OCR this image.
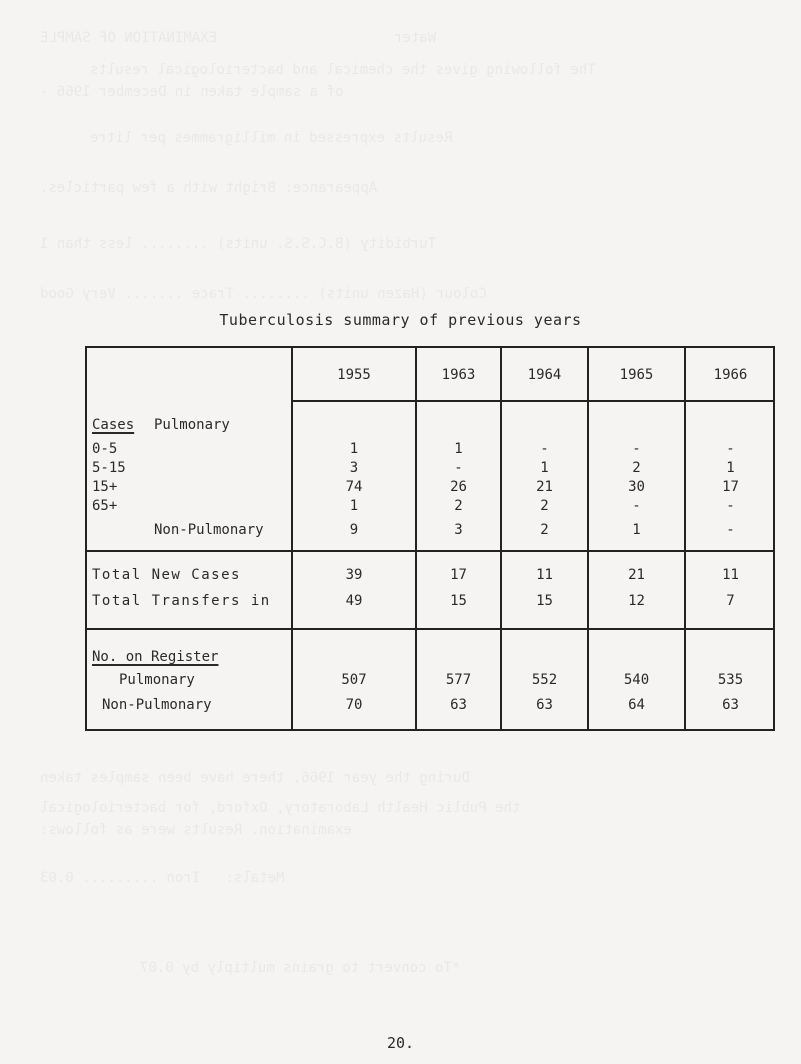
Water                     EXAMINATION OF SAMPLE
The following gives the chemical and bacteriological results
of a sample taken in December 1966 -
Results expressed in milligrammes per litre
Appearance: Bright with a few particles.
Turbidity (B.C.S.S. units) ........ less than 1
Colour (Hazen units) ........ Trace ....... Very Good
During the year 1966, there have been samples taken
the Public Health Laboratory, Oxford, for bacteriological
examination. Results were as follows:
Metals:   Iron ......... 0.03
*To convert to grains multiply by 0.07
Tuberculosis summary of previous years
1955	1963	1964	1965	1966
Cases Pulmonary
0-5	1	1	-	-	-
5-15	3	-	1	2	1
15+	74	26	21	30	17
65+	1	2	2	-	-
Non-Pulmonary	9	3	2	1	-
Total New Cases	39	17	11	21	11
Total Transfers in	49	15	15	12	7
No. on Register
Pulmonary	507	577	552	540	535
Non-Pulmonary	70	63	63	64	63
20.
